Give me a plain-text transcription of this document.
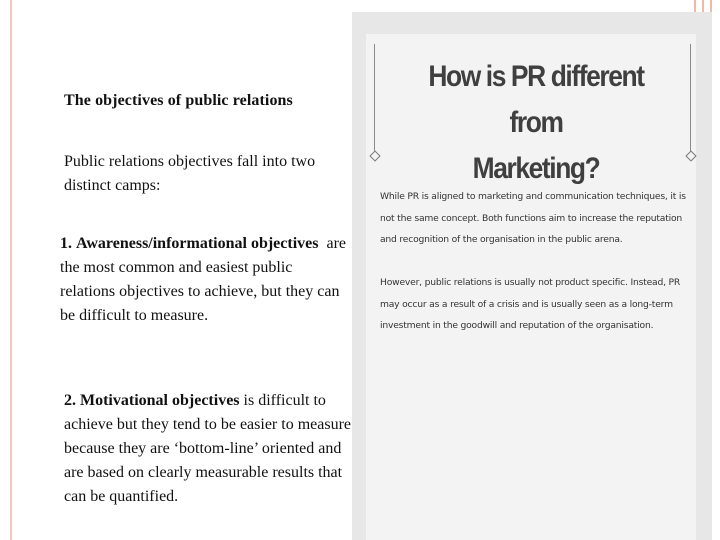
The objectives of public relations
Public relations objectives fall into two distinct camps:
1. Awareness/informational objectives are the most common and easiest public relations objectives to achieve, but they can be difficult to measure.
2. Motivational objectives is difficult to achieve but they tend to be easier to measure because they are ‘bottom-line’ oriented and are based on clearly measurable results that can be quantified.
How is PR different from
Marketing?
While PR is aligned to marketing and communication techniques, it is not the same concept. Both functions aim to increase the reputation and recognition of the organisation in the public arena.
However, public relations is usually not product specific. Instead, PR may occur as a result of a crisis and is usually seen as a long-term investment in the goodwill and reputation of the organisation.
